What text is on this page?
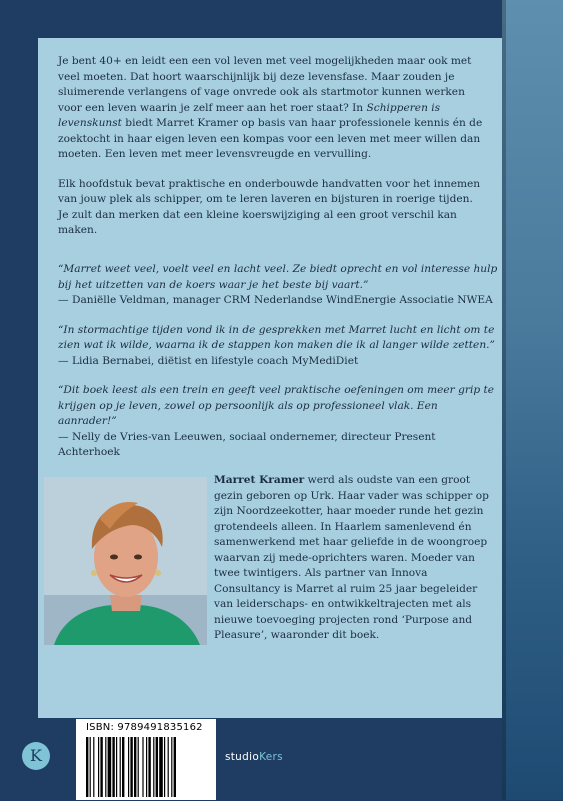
Je bent 40+ en leidt een een vol leven met veel mogelijkheden maar ook met veel moeten. Dat hoort waarschijnlijk bij deze levensfase. Maar zouden je sluimerende verlangens of vage onvrede ook als startmotor kunnen werken voor een leven waarin je zelf meer aan het roer staat? In Schipperen is levenskunst biedt Marret Kramer op basis van haar professionele kennis én de zoektocht in haar eigen leven een kompas voor een leven met meer willen dan moeten. Een leven met meer levensvreugde en vervulling.

Elk hoofdstuk bevat praktische en onderbouwde handvatten voor het innemen van jouw plek als schipper, om te leren laveren en bijsturen in roerige tijden. Je zult dan merken dat een kleine koerswijziging al een groot verschil kan maken.

“Marret weet veel, voelt veel en lacht veel. Ze biedt oprecht en vol interesse hulp bij het uitzetten van de koers waar je het beste bij vaart.”
— Daniëlle Veldman, manager CRM Nederlandse WindEnergie Associatie NWEA
“In stormachtige tijden vond ik in de gesprekken met Marret lucht en licht om te zien wat ik wilde, waarna ik de stappen kon maken die ik al langer wilde zetten.”
— Lidia Bernabei, diëtist en lifestyle coach MyMediDiet
“Dit boek leest als een trein en geeft veel praktische oefeningen om meer grip te krijgen op je leven, zowel op persoonlijk als op professioneel vlak. Een aanrader!”
— Nelly de Vries-van Leeuwen, sociaal ondernemer, directeur Present Achterhoek
Marret Kramer werd als oudste van een groot gezin geboren op Urk. Haar vader was schipper op zijn Noordzeekotter, haar moeder runde het gezin grotendeels alleen. In Haarlem samenlevend én samenwerkend met haar geliefde in de woongroep waarvan zij mede-oprichters waren. Moeder van twee twintigers. Als partner van Innova Consultancy is Marret al ruim 25 jaar begeleider van leiderschaps- en ontwikkeltrajecten met als nieuwe toevoeging projecten rond ‘Purpose and Pleasure’, waaronder dit boek.
ISBN: 9789491835162
K	studioKers
